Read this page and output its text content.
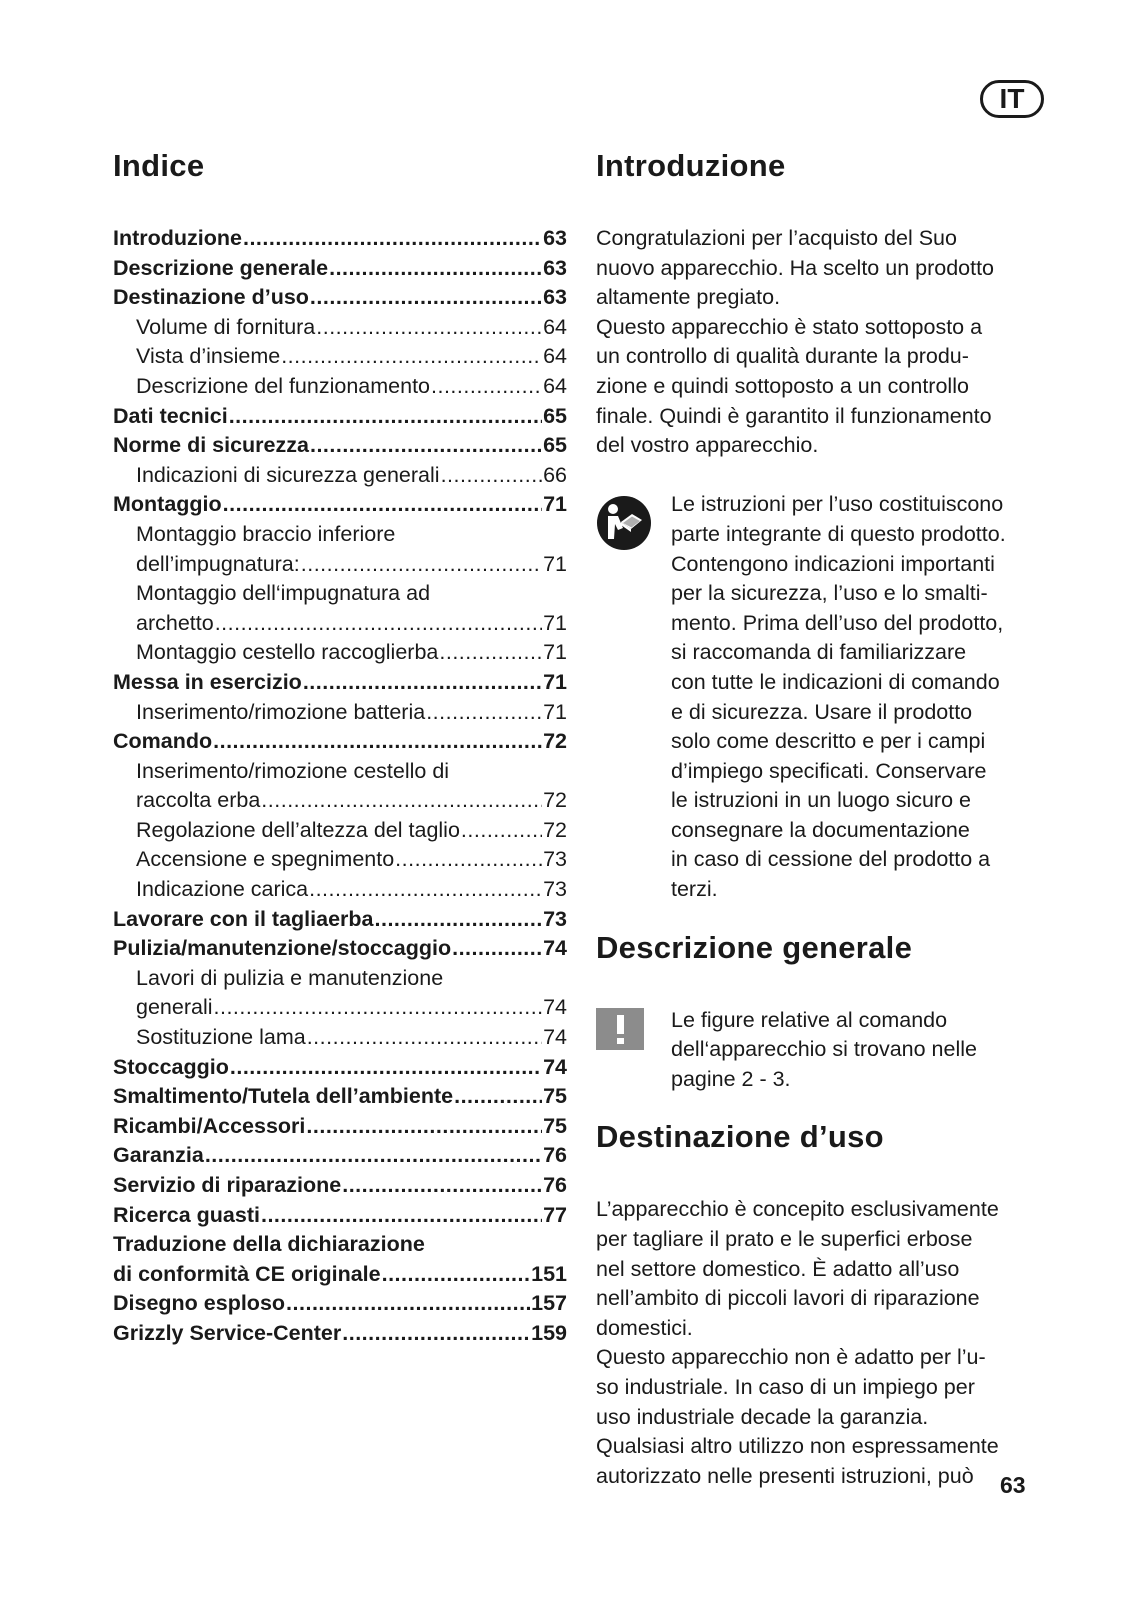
IT
Indice
Introduzione .....	63
Descrizione generale .....	63
Destinazione d’uso .....	63
Volume di fornitura .....	64
Vista d’insieme .....	64
Descrizione del funzionamento .....	64
Dati tecnici .....	65
Norme di sicurezza .....	65
Indicazioni di sicurezza generali .....	66
Montaggio .....	71
Montaggio braccio inferiore
dell’impugnatura: .....	71
Montaggio dell‘impugnatura ad
archetto .....	71
Montaggio cestello raccoglierba .....	71
Messa in esercizio .....	71
Inserimento/rimozione batteria .....	71
Comando .....	72
Inserimento/rimozione cestello di
raccolta erba .....	72
Regolazione dell’altezza del taglio .....	72
Accensione e spegnimento .....	73
Indicazione carica .....	73
Lavorare con il tagliaerba .....	73
Pulizia/manutenzione/stoccaggio .....	74
Lavori di pulizia e manutenzione
generali .....	74
Sostituzione lama .....	74
Stoccaggio .....	74
Smaltimento/Tutela dell’ambiente .....	75
Ricambi/Accessori .....	75
Garanzia .....	76
Servizio di riparazione .....	76
Ricerca guasti .....	77
Traduzione della dichiarazione
di conformità CE originale .....	151
Disegno esploso .....	157
Grizzly Service-Center .....	159
Introduzione

Congratulazioni per l’acquisto del Suo
nuovo apparecchio. Ha scelto un prodotto
altamente pregiato.
Questo apparecchio è stato sottoposto a
un controllo di qualità durante la produ-
zione e quindi sottoposto a un controllo
finale. Quindi è garantito il funzionamento
del vostro apparecchio.

Le istruzioni per l’uso costituiscono
parte integrante di questo prodotto.
Contengono indicazioni importanti
per la sicurezza, l’uso e lo smalti-
mento. Prima dell’uso del prodotto,
si raccomanda di familiarizzare
con tutte le indicazioni di comando
e di sicurezza. Usare il prodotto
solo come descritto e per i campi
d’impiego specificati. Conservare
le istruzioni in un luogo sicuro e
consegnare la documentazione
in caso di cessione del prodotto a
terzi.

Descrizione generale

Le figure relative al comando
dell‘apparecchio si trovano nelle
pagine 2 - 3.

Destinazione d’uso

L’apparecchio è concepito esclusivamente
per tagliare il prato e le superfici erbose
nel settore domestico. È adatto all’uso
nell’ambito di piccoli lavori di riparazione
domestici.
Questo apparecchio non è adatto per l’u-
so industriale. In caso di un impiego per
uso industriale decade la garanzia.
Qualsiasi altro utilizzo non espressamente
autorizzato nelle presenti istruzioni, può	63
